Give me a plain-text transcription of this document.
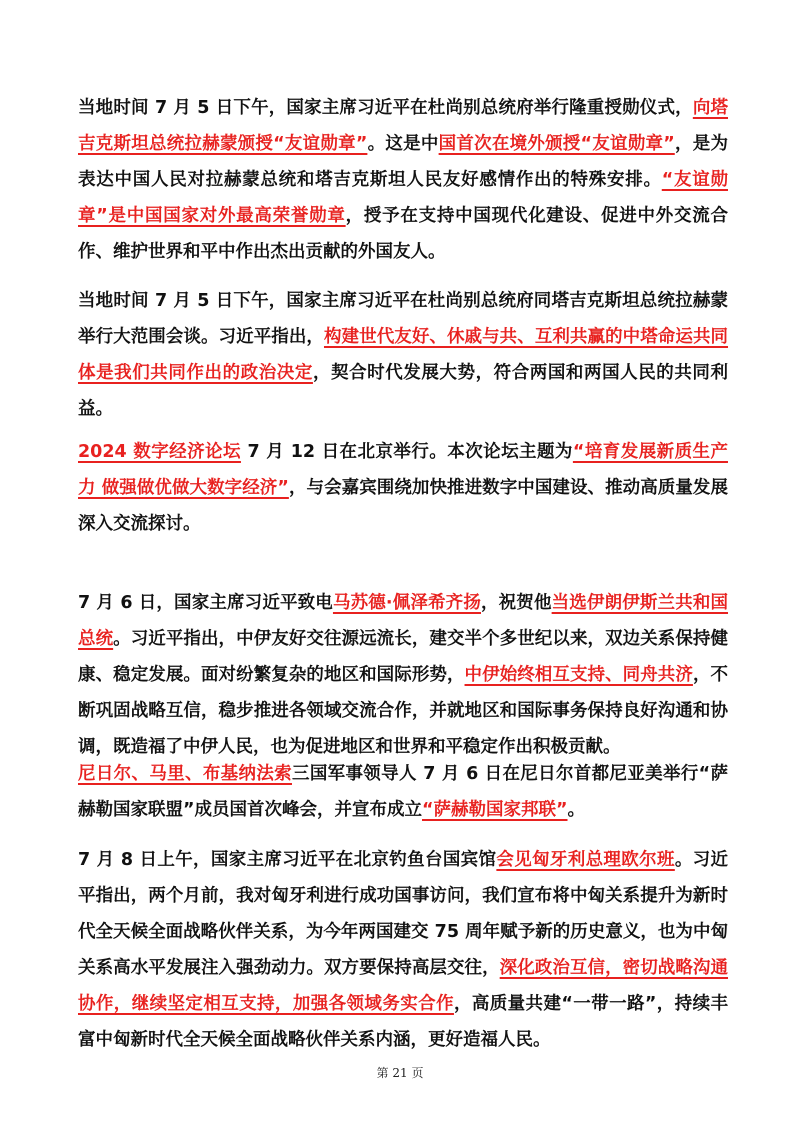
当地时间 7 月 5 日下午，国家主席习近平在杜尚别总统府举行隆重授勋仪式，向塔吉克斯坦总统拉赫蒙颁授“友谊勋章”。这是中国首次在境外颁授“友谊勋章”，是为表达中国人民对拉赫蒙总统和塔吉克斯坦人民友好感情作出的特殊安排。“友谊勋章”是中国国家对外最高荣誉勋章，授予在支持中国现代化建设、促进中外交流合作、维护世界和平中作出杰出贡献的外国友人。

当地时间 7 月 5 日下午，国家主席习近平在杜尚别总统府同塔吉克斯坦总统拉赫蒙举行大范围会谈。习近平指出，构建世代友好、休戚与共、互利共赢的中塔命运共同体是我们共同作出的政治决定，契合时代发展大势，符合两国和两国人民的共同利益。

2024 数字经济论坛 7 月 12 日在北京举行。本次论坛主题为“培育发展新质生产力 做强做优做大数字经济”，与会嘉宾围绕加快推进数字中国建设、推动高质量发展深入交流探讨。

7 月 6 日，国家主席习近平致电马苏德·佩泽希齐扬，祝贺他当选伊朗伊斯兰共和国总统。习近平指出，中伊友好交往源远流长，建交半个多世纪以来，双边关系保持健康、稳定发展。面对纷繁复杂的地区和国际形势，中伊始终相互支持、同舟共济，不断巩固战略互信，稳步推进各领域交流合作，并就地区和国际事务保持良好沟通和协调，既造福了中伊人民，也为促进地区和世界和平稳定作出积极贡献。

尼日尔、马里、布基纳法索三国军事领导人 7 月 6 日在尼日尔首都尼亚美举行“萨赫勒国家联盟”成员国首次峰会，并宣布成立“萨赫勒国家邦联”。

7 月 8 日上午，国家主席习近平在北京钓鱼台国宾馆会见匈牙利总理欧尔班。习近平指出，两个月前，我对匈牙利进行成功国事访问，我们宣布将中匈关系提升为新时代全天候全面战略伙伴关系，为今年两国建交 75 周年赋予新的历史意义，也为中匈关系高水平发展注入强劲动力。双方要保持高层交往，深化政治互信，密切战略沟通协作，继续坚定相互支持，加强各领域务实合作，高质量共建“一带一路”，持续丰富中匈新时代全天候全面战略伙伴关系内涵，更好造福人民。

第 21 页
